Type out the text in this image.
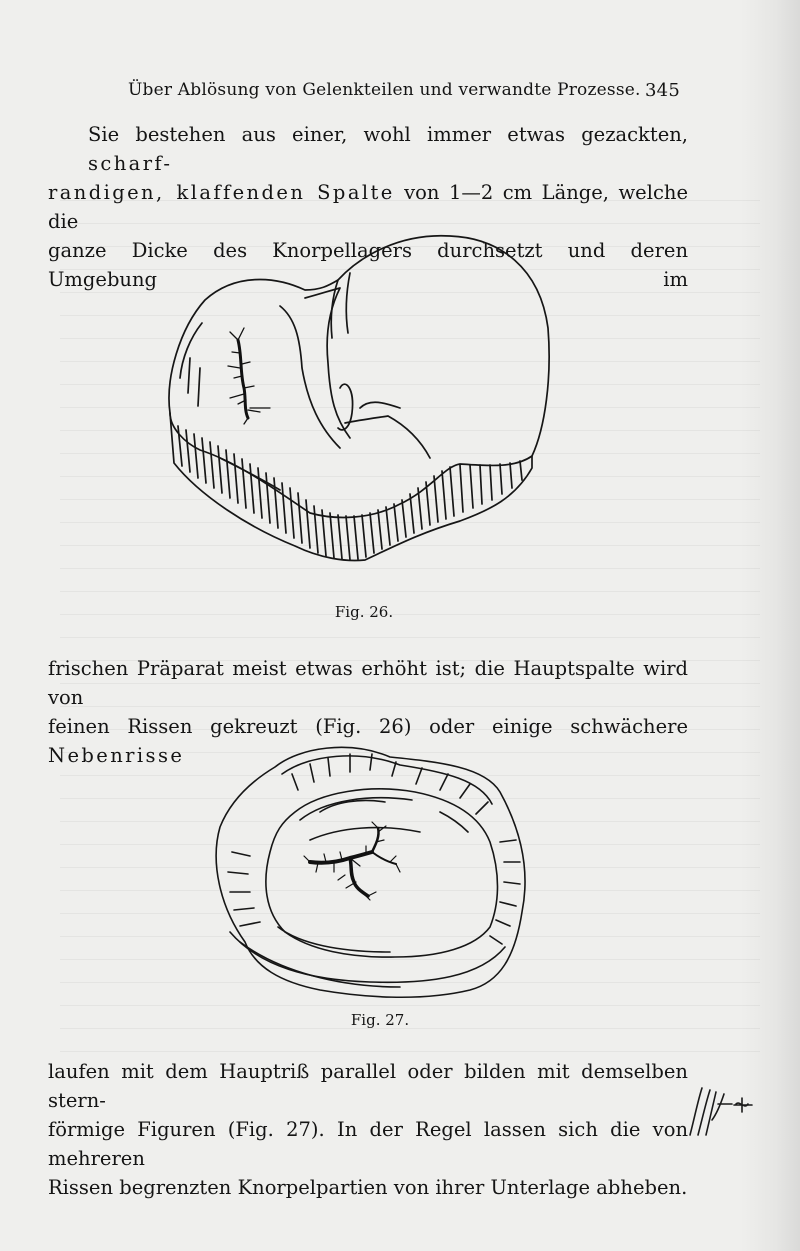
Über Ablösung von Gelenkteilen und verwandte Prozesse. 345
Sie bestehen aus einer, wohl immer etwas gezackten, scharf-
randigen, klaffenden Spalte von 1—2 cm Länge, welche die
ganze Dicke des Knorpellagers durchsetzt und deren Umgebung im
Fig. 26.
frischen Präparat meist etwas erhöht ist; die Hauptspalte wird von
feinen Rissen gekreuzt (Fig. 26) oder einige schwächere Nebenrisse
Fig. 27.
laufen mit dem Hauptriß parallel oder bilden mit demselben stern-
förmige Figuren (Fig. 27). In der Regel lassen sich die von mehreren
Rissen begrenzten Knorpelpartien von ihrer Unterlage abheben.
